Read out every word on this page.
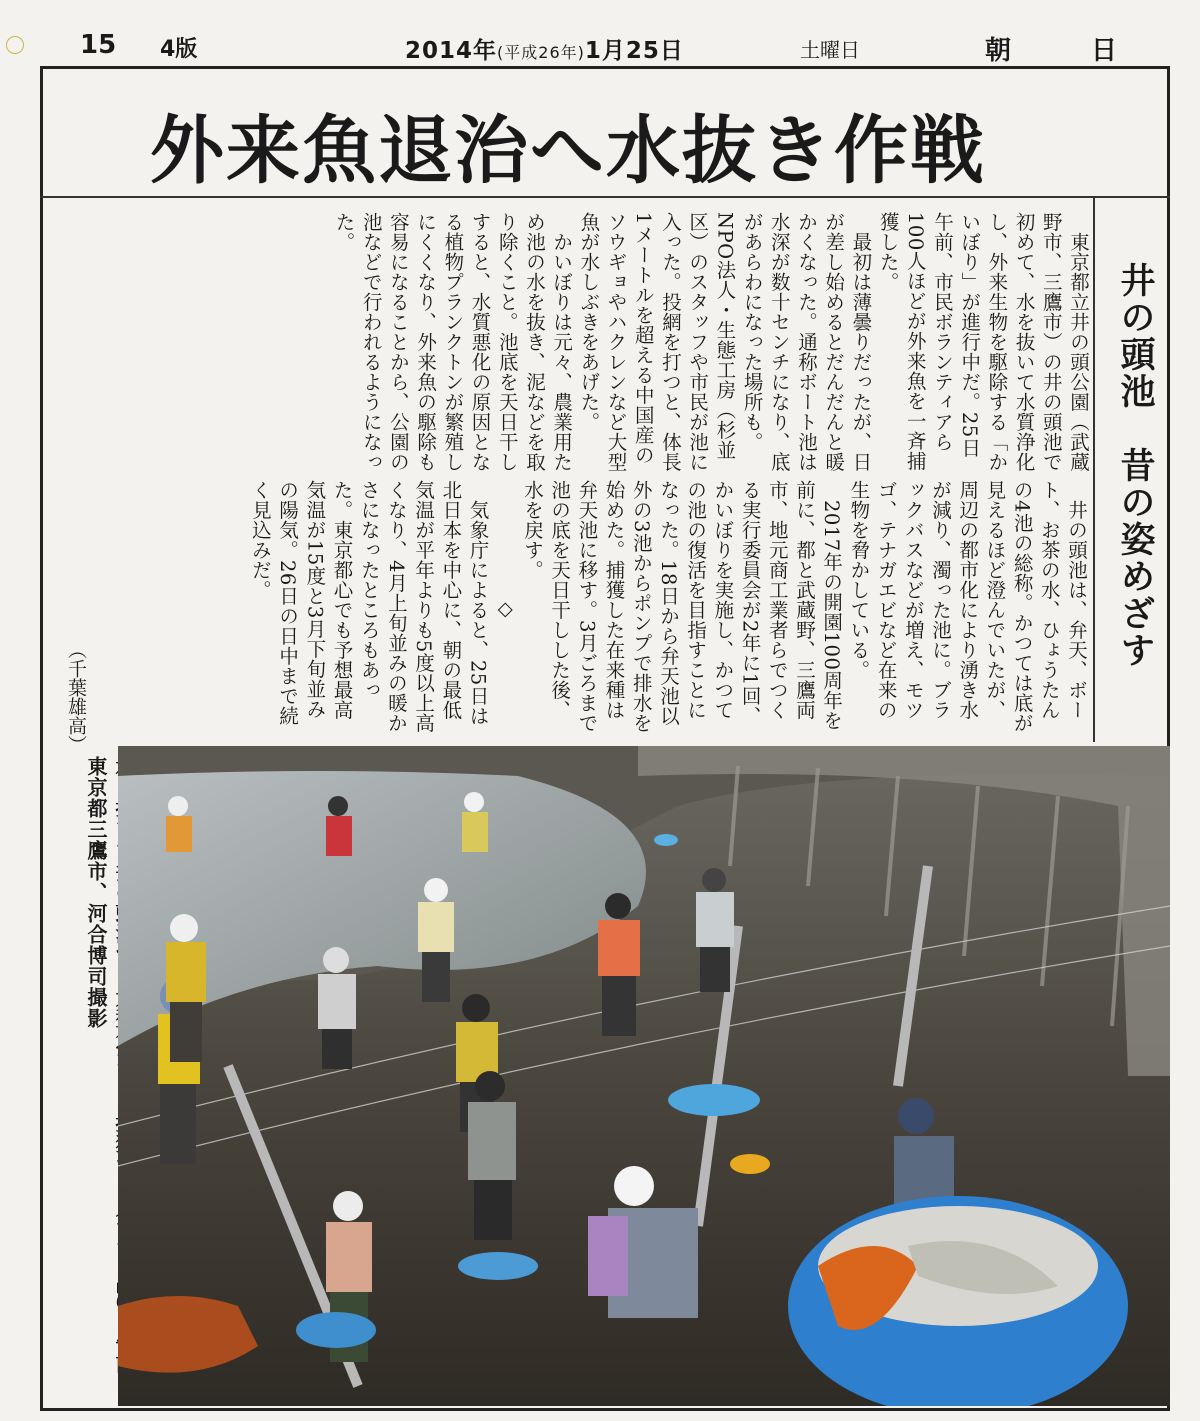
15 4版	2014年(平成26年)1月25日	土曜日	朝日
外来魚退治へ水抜き作戦
井の頭池　昔の姿めざす

東京都立井の頭公園（武蔵野市、三鷹市）の井の頭池で初めて、水を抜いて水質浄化し、外来生物を駆除する「かいぼり」が進行中だ。25日午前、市民ボランティアら100人ほどが外来魚を一斉捕獲した。

最初は薄曇りだったが、日が差し始めるとだんだんと暖かくなった。通称ボート池は水深が数十センチになり、底があらわになった場所も。NPO法人・生態工房（杉並区）のスタッフや市民が池に入った。投網を打つと、体長1メートルを超える中国産のソウギョやハクレンなど大型魚が水しぶきをあげた。

かいぼりは元々、農業用ため池の水を抜き、泥などを取り除くこと。池底を天日干しすると、水質悪化の原因となる植物プランクトンが繁殖しにくくなり、外来魚の駆除も容易になることから、公園の池などで行われるようになった。

井の頭池は、弁天、ボート、お茶の水、ひょうたんの4池の総称。かつては底が見えるほど澄んでいたが、周辺の都市化により湧き水が減り、濁った池に。ブラックバスなどが増え、モツゴ、テナガエビなど在来の生物を脅かしている。

2017年の開園100周年を前に、都と武蔵野、三鷹両市、地元商工業者らでつくる実行委員会が2年に1回、かいぼりを実施し、かつての池の復活を目指すことになった。18日から弁天池以外の3池からポンプで排水を始めた。捕獲した在来種は弁天池に移す。3月ごろまで池の底を天日干しした後、水を戻す。

◇

気象庁によると、25日は北日本を中心に、朝の最低気温が平年よりも5度以上高くなり、4月上旬並みの暖かさになったところもあった。東京都心でも予想最高気温が15度と3月下旬並みの陽気。26日の日中まで続く見込みだ。

（千葉雄高）
東京都三鷹市、河合博司撮影
